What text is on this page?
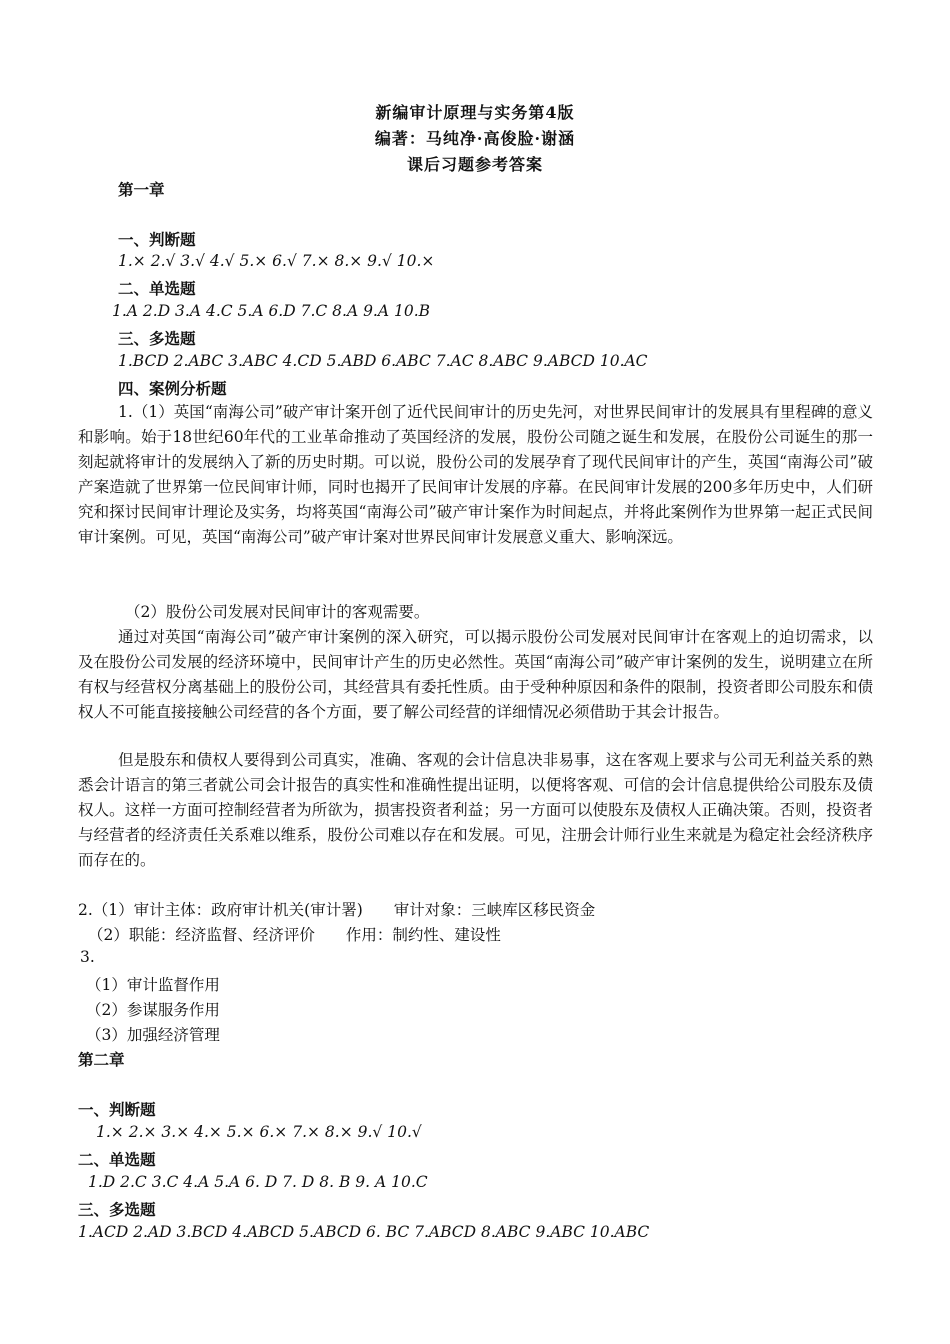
新编审计原理与实务第4版
编著：马纯净·高俊脸·谢涵
课后习题参考答案
第一章
一、判断题
1.× 2.√ 3.√ 4.√ 5.× 6.√ 7.× 8.× 9.√ 10.×
二、单选题
1.A 2.D 3.A 4.C 5.A 6.D 7.C 8.A 9.A 10.B
三、多选题
1.BCD 2.ABC 3.ABC 4.CD 5.ABD 6.ABC 7.AC 8.ABC 9.ABCD 10.AC
四、案例分析题
1.（1）英国“南海公司”破产审计案开创了近代民间审计的历史先河，对世界民间审计的发展具有里程碑的意义和影响。始于18世纪60年代的工业革命推动了英国经济的发展，股份公司随之诞生和发展，在股份公司诞生的那一刻起就将审计的发展纳入了新的历史时期。可以说，股份公司的发展孕育了现代民间审计的产生，英国“南海公司”破产案造就了世界第一位民间审计师，同时也揭开了民间审计发展的序幕。在民间审计发展的200多年历史中，人们研究和探讨民间审计理论及实务，均将英国“南海公司”破产审计案作为时间起点，并将此案例作为世界第一起正式民间审计案例。可见，英国“南海公司”破产审计案对世界民间审计发展意义重大、影响深远。
（2）股份公司发展对民间审计的客观需要。
通过对英国“南海公司”破产审计案例的深入研究，可以揭示股份公司发展对民间审计在客观上的迫切需求，以及在股份公司发展的经济环境中，民间审计产生的历史必然性。英国“南海公司”破产审计案例的发生，说明建立在所有权与经营权分离基础上的股份公司，其经营具有委托性质。由于受种种原因和条件的限制，投资者即公司股东和债权人不可能直接接触公司经营的各个方面，要了解公司经营的详细情况必须借助于其会计报告。
但是股东和债权人要得到公司真实，准确、客观的会计信息决非易事，这在客观上要求与公司无利益关系的熟悉会计语言的第三者就公司会计报告的真实性和准确性提出证明，以便将客观、可信的会计信息提供给公司股东及债权人。这样一方面可控制经营者为所欲为，损害投资者利益；另一方面可以使股东及债权人正确决策。否则，投资者与经营者的经济责任关系难以维系，股份公司难以存在和发展。可见，注册会计师行业生来就是为稳定社会经济秩序而存在的。
2.（1）审计主体：政府审计机关(审计署)　　审计对象：三峡库区移民资金
（2）职能：经济监督、经济评价　　作用：制约性、建设性
3.
（1）审计监督作用
（2）参谋服务作用
（3）加强经济管理
第二章
一、判断题
1.× 2.× 3.× 4.× 5.× 6.× 7.× 8.× 9.√ 10.√
二、单选题
1.D 2.C 3.C 4.A 5.A 6. D 7. D 8. B 9. A 10.C
三、多选题
1.ACD 2.AD 3.BCD 4.ABCD 5.ABCD 6. BC 7.ABCD 8.ABC 9.ABC 10.ABC
